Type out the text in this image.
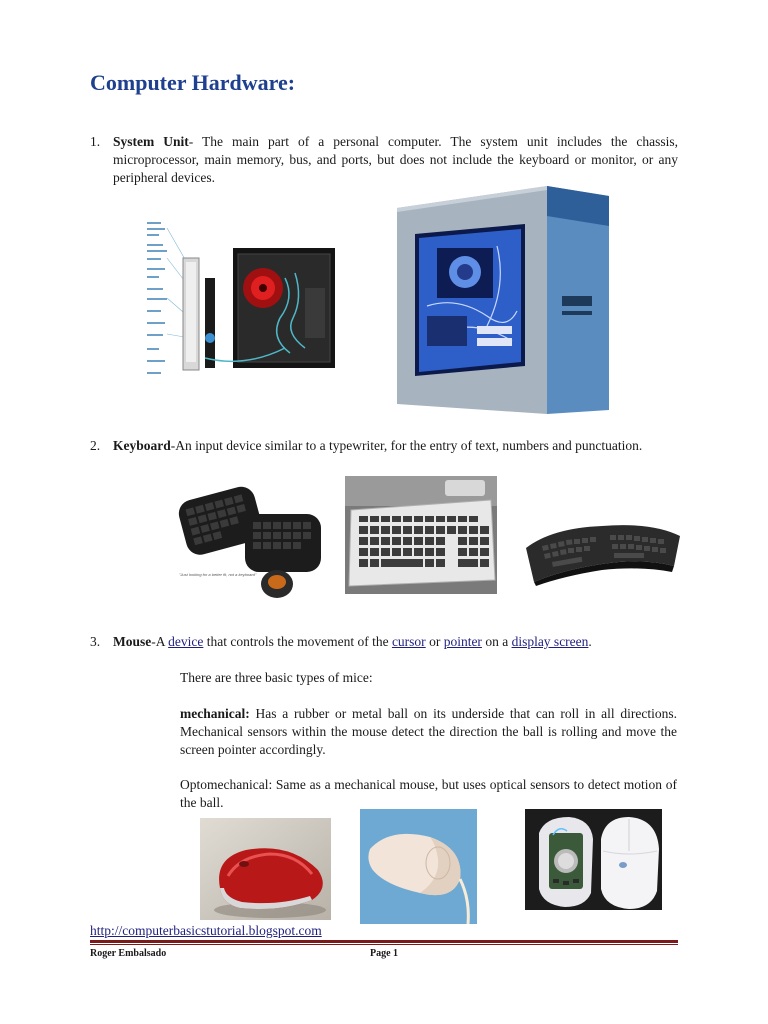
Computer Hardware:
1. System Unit- The main part of a personal computer. The system unit includes the chassis, microprocessor, main memory, bus, and ports, but does not include the keyboard or monitor, or any peripheral devices.
2. Keyboard-An input device similar to a typewriter, for the entry of text, numbers and punctuation.
"Just looking for a better fit, not a keyboard"
3. Mouse-A device that controls the movement of the cursor or pointer on a display screen.
There are three basic types of mice:
mechanical: Has a rubber or metal ball on its underside that can roll in all directions. Mechanical sensors within the mouse detect the direction the ball is rolling and move the screen pointer accordingly.
Optomechanical: Same as a mechanical mouse, but uses optical sensors to detect motion of the ball.
http://computerbasicstutorial.blogspot.com
Roger Embalsado	Page 1
